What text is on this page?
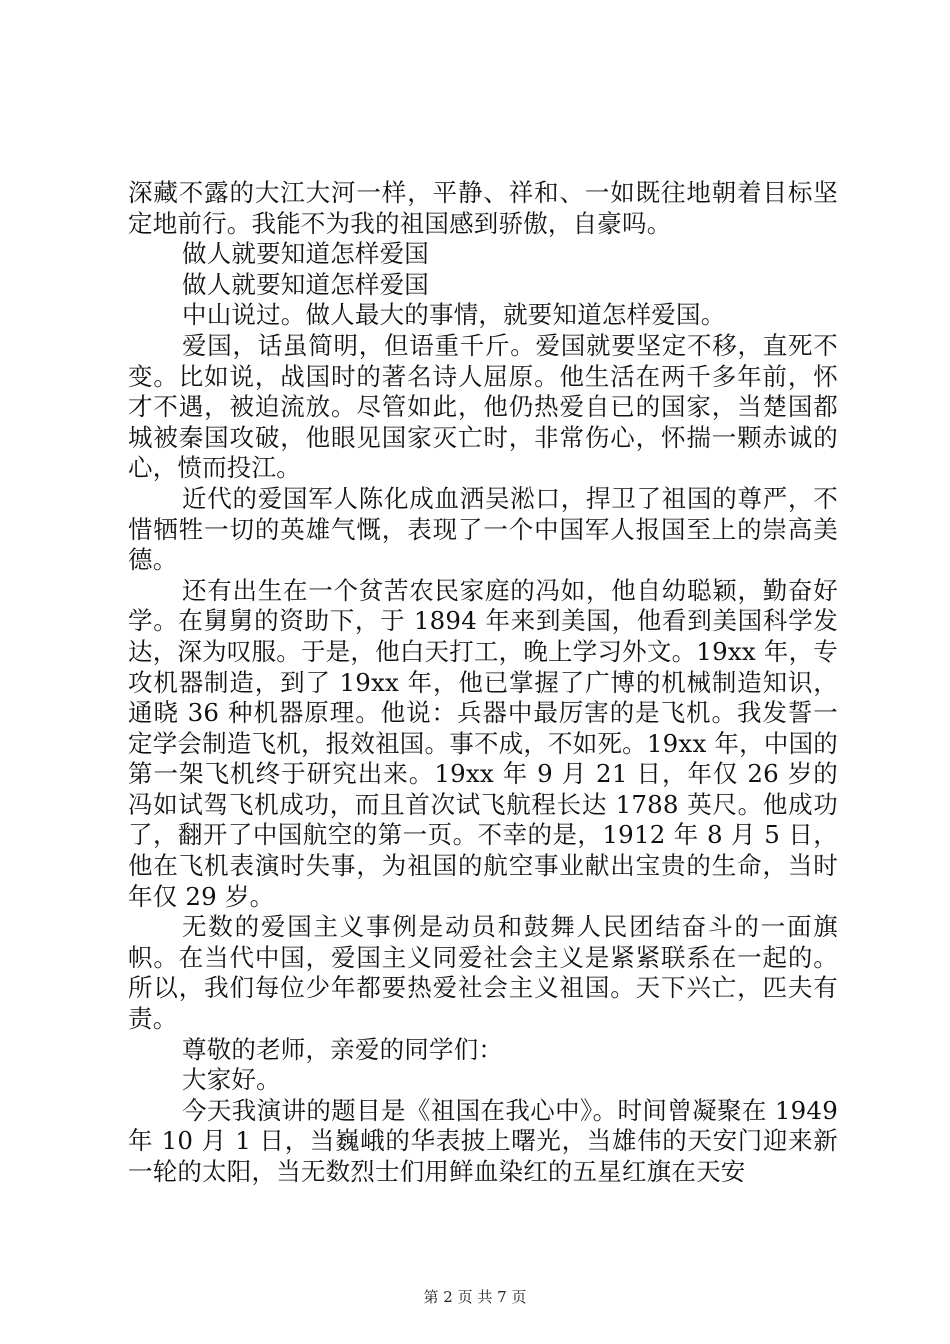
深藏不露的大江大河一样，平静、祥和、一如既往地朝着目标坚定地前行。我能不为我的祖国感到骄傲，自豪吗。

做人就要知道怎样爱国

做人就要知道怎样爱国

中山说过。做人最大的事情，就要知道怎样爱国。

爱国，话虽简明，但语重千斤。爱国就要坚定不移，直死不变。比如说，战国时的著名诗人屈原。他生活在两千多年前，怀才不遇，被迫流放。尽管如此，他仍热爱自已的国家，当楚国都城被秦国攻破，他眼见国家灭亡时，非常伤心，怀揣一颗赤诚的心，愤而投江。

近代的爱国军人陈化成血洒吴淞口，捍卫了祖国的尊严，不惜牺牲一切的英雄气慨，表现了一个中国军人报国至上的崇高美德。

还有出生在一个贫苦农民家庭的冯如，他自幼聪颖，勤奋好学。在舅舅的资助下，于 1894 年来到美国，他看到美国科学发达，深为叹服。于是，他白天打工，晚上学习外文。19xx 年，专攻机器制造，到了 19xx 年，他已掌握了广博的机械制造知识，通晓 36 种机器原理。他说：兵器中最厉害的是飞机。我发誓一定学会制造飞机，报效祖国。事不成，不如死。19xx 年，中国的第一架飞机终于研究出来。19xx 年 9 月 21 日，年仅 26 岁的冯如试驾飞机成功，而且首次试飞航程长达 1788 英尺。他成功了，翻开了中国航空的第一页。不幸的是，1912 年 8 月 5 日，他在飞机表演时失事，为祖国的航空事业献出宝贵的生命，当时年仅 29 岁。

无数的爱国主义事例是动员和鼓舞人民团结奋斗的一面旗帜。在当代中国，爱国主义同爱社会主义是紧紧联系在一起的。所以，我们每位少年都要热爱社会主义祖国。天下兴亡，匹夫有责。

尊敬的老师，亲爱的同学们：

大家好。

今天我演讲的题目是《祖国在我心中》。时间曾凝聚在 1949 年 10 月 1 日，当巍峨的华表披上曙光，当雄伟的天安门迎来新一轮的太阳，当无数烈士们用鲜血染红的五星红旗在天安

第 2 页 共 7 页
